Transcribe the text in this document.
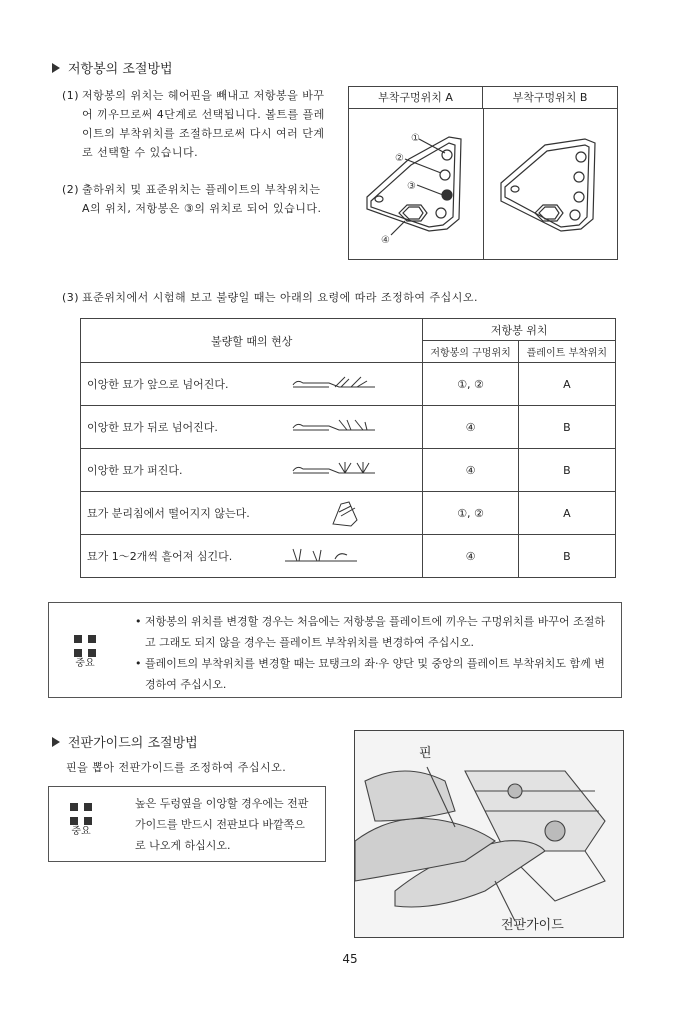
저항봉의 조절방법
(1) 저항봉의 위치는 헤어핀을 빼내고 저항봉을 바꾸어 끼우므로써 4단계로 선택됩니다. 볼트를 플레이트의 부착위치를 조절하므로써 다시 여러 단계로 선택할 수 있습니다.
(2) 출하위치 및 표준위치는 플레이트의 부착위치는 A의 위치, 저항봉은 ③의 위치로 되어 있습니다.
부착구멍위치 A	부착구멍위치 B
①
②
③
④
(3) 표준위치에서 시험해 보고 불량일 때는 아래의 요령에 따라 조정하여 주십시오.
불량할 때의 현상	저항봉 위치	
	저항봉의 구멍위치	플레이트 부착위치
이앙한 묘가 앞으로 넘어진다.	①, ②	A
이앙한 묘가 뒤로 넘어진다.	④	B
이앙한 묘가 퍼진다.	④	B
묘가 분리침에서 떨어지지 않는다.	①, ②	A
묘가 1～2개씩 흩어져 심긴다.	④	B
중요
• 저항봉의 위치를 변경할 경우는 처음에는 저항봉을 플레이트에 끼우는 구멍위치를 바꾸어 조절하고 그래도 되지 않을 경우는 플레이트 부착위치를 변경하여 주십시오.
• 플레이트의 부착위치를 변경할 때는 묘탱크의 좌·우 양단 및 중앙의 플레이트 부착위치도 함께 변경하여 주십시오.
전판가이드의 조절방법
핀을 뽑아 전판가이드를 조정하여 주십시오.
중요
높은 두렁옆을 이앙할 경우에는 전판가이드를 반드시 전판보다 바깥쪽으로 나오게 하십시오.
핀
전판가이드
45
